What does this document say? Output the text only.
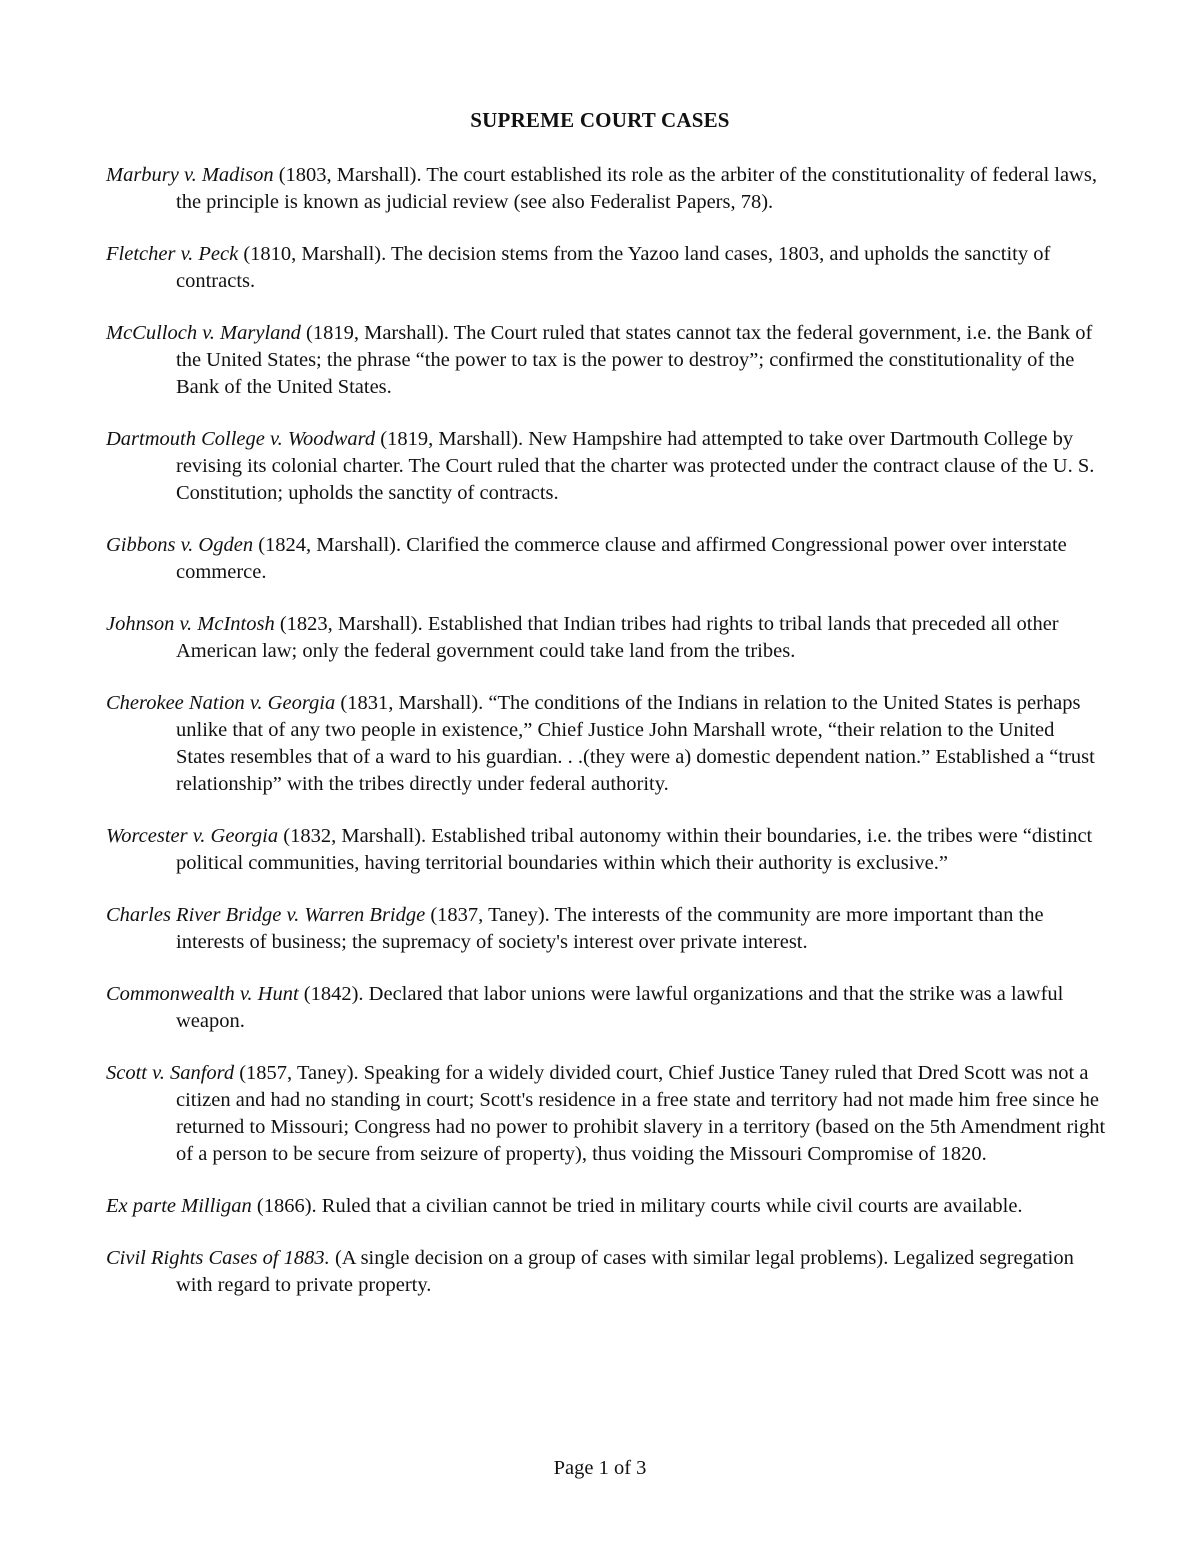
SUPREME COURT CASES
Marbury v. Madison (1803, Marshall). The court established its role as the arbiter of the constitutionality of federal laws, the principle is known as judicial review (see also Federalist Papers, 78).
Fletcher v. Peck (1810, Marshall). The decision stems from the Yazoo land cases, 1803, and upholds the sanctity of contracts.
McCulloch v. Maryland (1819, Marshall). The Court ruled that states cannot tax the federal government, i.e. the Bank of the United States; the phrase “the power to tax is the power to destroy”; confirmed the constitutionality of the Bank of the United States.
Dartmouth College v. Woodward (1819, Marshall). New Hampshire had attempted to take over Dartmouth College by revising its colonial charter. The Court ruled that the charter was protected under the contract clause of the U. S. Constitution; upholds the sanctity of contracts.
Gibbons v. Ogden (1824, Marshall). Clarified the commerce clause and affirmed Congressional power over interstate commerce.
Johnson v. McIntosh (1823, Marshall). Established that Indian tribes had rights to tribal lands that preceded all other American law; only the federal government could take land from the tribes.
Cherokee Nation v. Georgia (1831, Marshall). “The conditions of the Indians in relation to the United States is perhaps unlike that of any two people in existence,” Chief Justice John Marshall wrote, “their relation to the United States resembles that of a ward to his guardian. . .(they were a) domestic dependent nation.” Established a “trust relationship” with the tribes directly under federal authority.
Worcester v. Georgia (1832, Marshall). Established tribal autonomy within their boundaries, i.e. the tribes were “distinct political communities, having territorial boundaries within which their authority is exclusive.”
Charles River Bridge v. Warren Bridge (1837, Taney). The interests of the community are more important than the interests of business; the supremacy of society's interest over private interest.
Commonwealth v. Hunt (1842). Declared that labor unions were lawful organizations and that the strike was a lawful weapon.
Scott v. Sanford (1857, Taney). Speaking for a widely divided court, Chief Justice Taney ruled that Dred Scott was not a citizen and had no standing in court; Scott's residence in a free state and territory had not made him free since he returned to Missouri; Congress had no power to prohibit slavery in a territory (based on the 5th Amendment right of a person to be secure from seizure of property), thus voiding the Missouri Compromise of 1820.
Ex parte Milligan (1866). Ruled that a civilian cannot be tried in military courts while civil courts are available.
Civil Rights Cases of 1883. (A single decision on a group of cases with similar legal problems). Legalized segregation with regard to private property.
Page 1 of 3
